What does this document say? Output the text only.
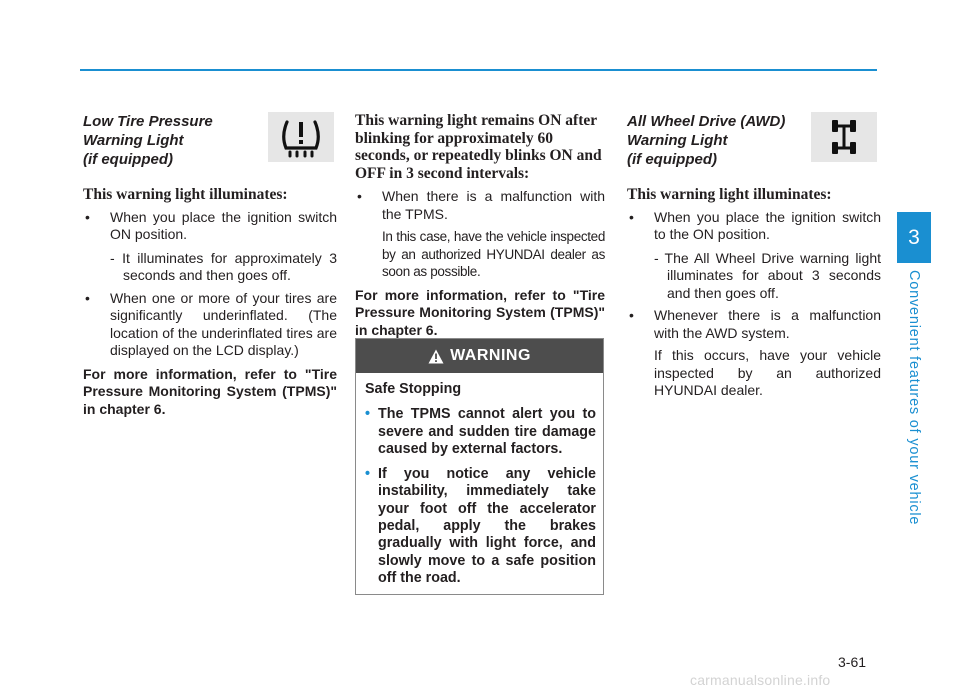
Low Tire Pressure
Warning Light
(if equipped)

This warning light illuminates:

• When you place the ignition switch ON position.

- It illuminates for approximately 3 seconds and then goes off.

• When one or more of your tires are significantly underinflated. (The location of the underinflated tires are displayed on the LCD display.)

For more information, refer to "Tire Pressure Monitoring System (TPMS)" in chapter 6.

This warning light remains ON after blinking for approximately 60 seconds, or repeatedly blinks ON and OFF in 3 second intervals:

• When there is a malfunction with the TPMS.

In this case, have the vehicle inspected by an authorized HYUNDAI dealer as soon as possible.

For more information, refer to "Tire Pressure Monitoring System (TPMS)" in chapter 6.

WARNING

Safe Stopping

• The TPMS cannot alert you to severe and sudden tire damage caused by external factors.

• If you notice any vehicle instability, immediately take your foot off the accelerator pedal, apply the brakes gradually with light force, and slowly move to a safe position off the road.

All Wheel Drive (AWD)
Warning Light
(if equipped)

This warning light illuminates:

• When you place the ignition switch to the ON position.

- The All Wheel Drive warning light illuminates for about 3 seconds and then goes off.

• Whenever there is a malfunction with the AWD system.

If this occurs, have your vehicle inspected by an authorized HYUNDAI dealer.

3
Convenient features of your vehicle
3-61
carmanualsonline.info
